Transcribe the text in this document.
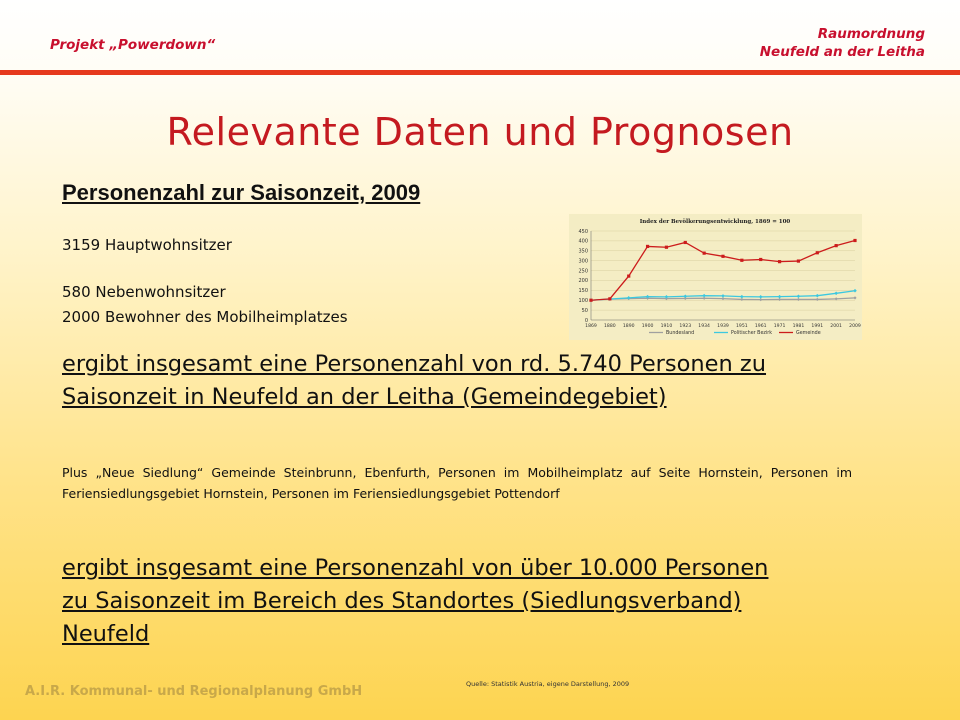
Projekt „Powerdown“
Raumordnung
Neufeld an der Leitha
Relevante Daten und Prognosen
Personenzahl zur Saisonzeit, 2009
3159 Hauptwohnsitzer
580 Nebenwohnsitzer
2000 Bewohner des Mobilheimplatzes
ergibt insgesamt eine Personenzahl von rd. 5.740 Personen zu
Saisonzeit in Neufeld an der Leitha (Gemeindegebiet)
Plus „Neue Siedlung“ Gemeinde Steinbrunn, Ebenfurth, Personen im Mobilheimplatz auf Seite Hornstein, Personen im Feriensiedlungsgebiet Hornstein, Personen im Feriensiedlungsgebiet Pottendorf
ergibt insgesamt eine Personenzahl von über 10.000 Personen
zu Saisonzeit im Bereich des Standortes (Siedlungsverband)
Neufeld
Index der Bevölkerungsentwicklung, 1869 = 100
0
50
100
150
200
250
300
350
400
450
1869 1880 1890 1900 1910 1923 1934 1939 1951 1961 1971 1981 1991 2001 2009
Bundesland	Politischer Bezirk	Gemeinde
Quelle: Statistik Austria, eigene Darstellung, 2009
A.I.R. Kommunal- und Regionalplanung GmbH
